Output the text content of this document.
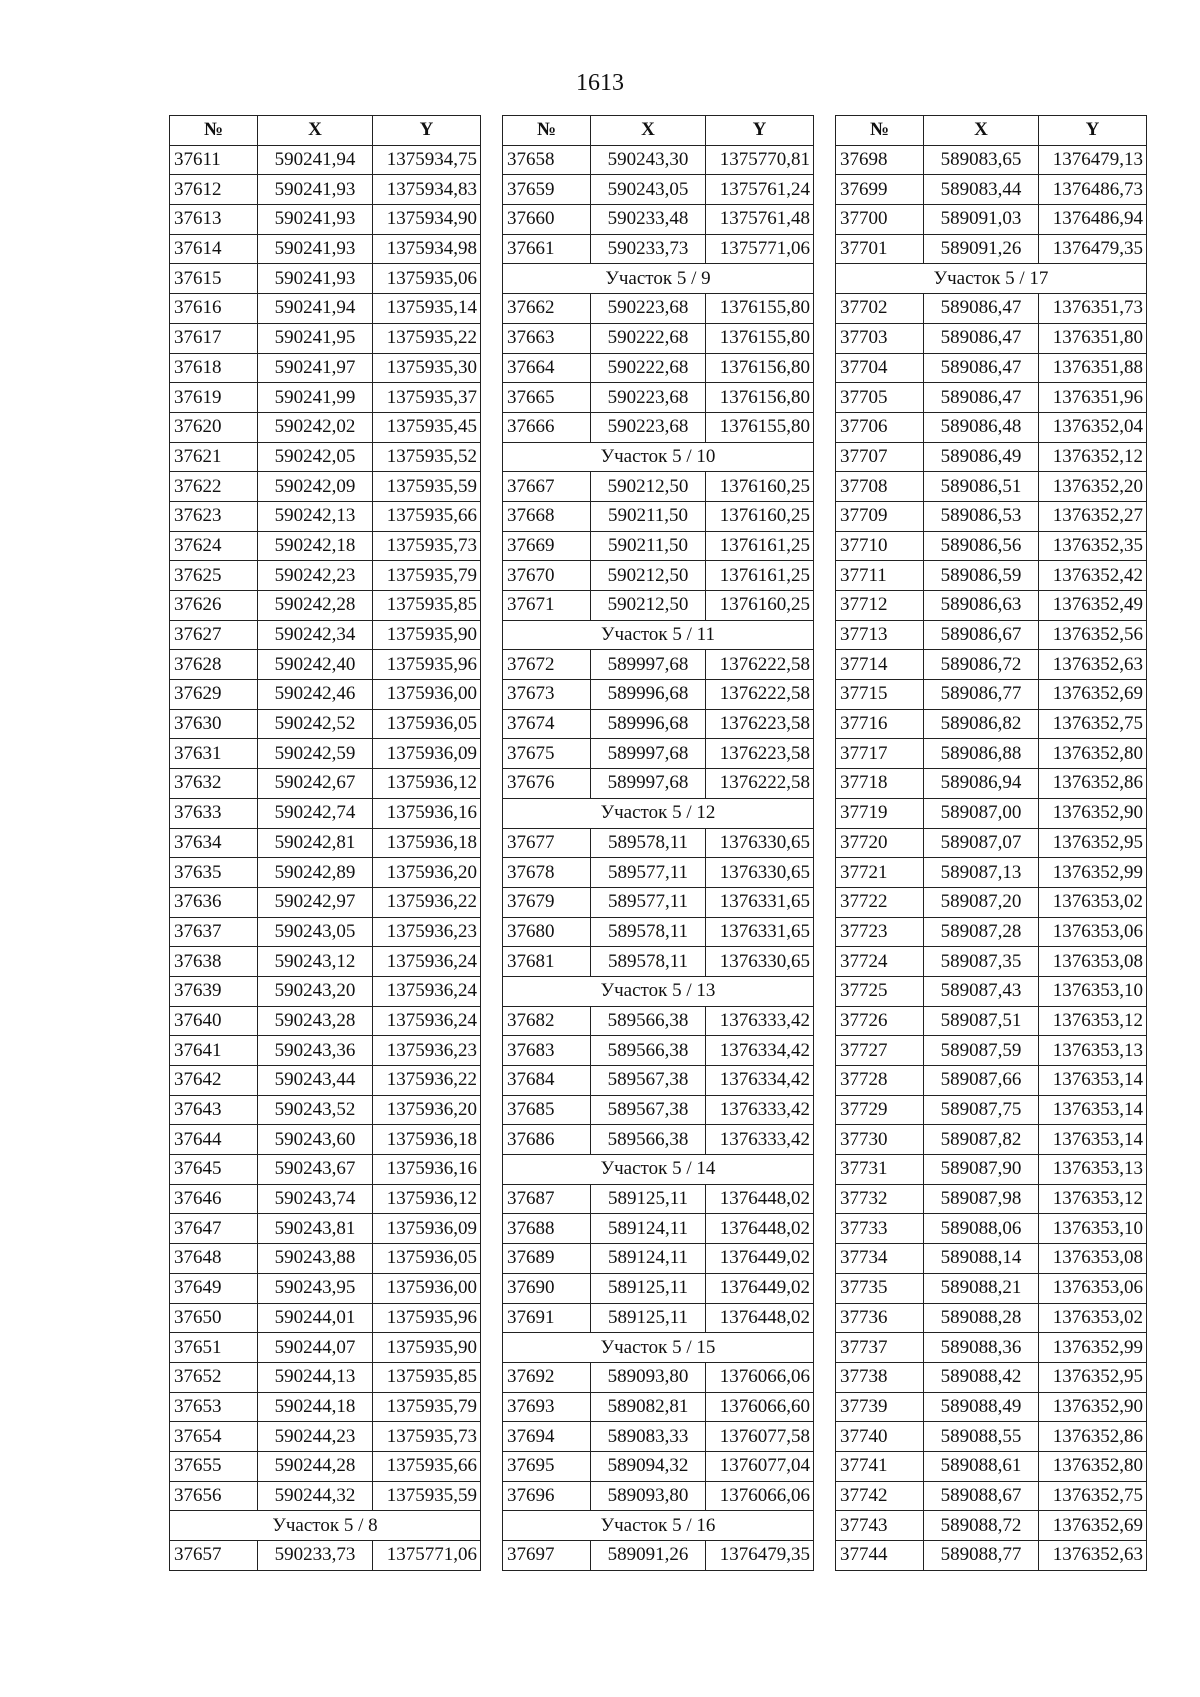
1613
№	X	Y
37611	590241,94	1375934,75
37612	590241,93	1375934,83
37613	590241,93	1375934,90
37614	590241,93	1375934,98
37615	590241,93	1375935,06
37616	590241,94	1375935,14
37617	590241,95	1375935,22
37618	590241,97	1375935,30
37619	590241,99	1375935,37
37620	590242,02	1375935,45
37621	590242,05	1375935,52
37622	590242,09	1375935,59
37623	590242,13	1375935,66
37624	590242,18	1375935,73
37625	590242,23	1375935,79
37626	590242,28	1375935,85
37627	590242,34	1375935,90
37628	590242,40	1375935,96
37629	590242,46	1375936,00
37630	590242,52	1375936,05
37631	590242,59	1375936,09
37632	590242,67	1375936,12
37633	590242,74	1375936,16
37634	590242,81	1375936,18
37635	590242,89	1375936,20
37636	590242,97	1375936,22
37637	590243,05	1375936,23
37638	590243,12	1375936,24
37639	590243,20	1375936,24
37640	590243,28	1375936,24
37641	590243,36	1375936,23
37642	590243,44	1375936,22
37643	590243,52	1375936,20
37644	590243,60	1375936,18
37645	590243,67	1375936,16
37646	590243,74	1375936,12
37647	590243,81	1375936,09
37648	590243,88	1375936,05
37649	590243,95	1375936,00
37650	590244,01	1375935,96
37651	590244,07	1375935,90
37652	590244,13	1375935,85
37653	590244,18	1375935,79
37654	590244,23	1375935,73
37655	590244,28	1375935,66
37656	590244,32	1375935,59
Участок 5 / 8		
37657	590233,73	1375771,06
№	X	Y
37658	590243,30	1375770,81
37659	590243,05	1375761,24
37660	590233,48	1375761,48
37661	590233,73	1375771,06
Участок 5 / 9		
37662	590223,68	1376155,80
37663	590222,68	1376155,80
37664	590222,68	1376156,80
37665	590223,68	1376156,80
37666	590223,68	1376155,80
Участок 5 / 10		
37667	590212,50	1376160,25
37668	590211,50	1376160,25
37669	590211,50	1376161,25
37670	590212,50	1376161,25
37671	590212,50	1376160,25
Участок 5 / 11		
37672	589997,68	1376222,58
37673	589996,68	1376222,58
37674	589996,68	1376223,58
37675	589997,68	1376223,58
37676	589997,68	1376222,58
Участок 5 / 12		
37677	589578,11	1376330,65
37678	589577,11	1376330,65
37679	589577,11	1376331,65
37680	589578,11	1376331,65
37681	589578,11	1376330,65
Участок 5 / 13		
37682	589566,38	1376333,42
37683	589566,38	1376334,42
37684	589567,38	1376334,42
37685	589567,38	1376333,42
37686	589566,38	1376333,42
Участок 5 / 14		
37687	589125,11	1376448,02
37688	589124,11	1376448,02
37689	589124,11	1376449,02
37690	589125,11	1376449,02
37691	589125,11	1376448,02
Участок 5 / 15		
37692	589093,80	1376066,06
37693	589082,81	1376066,60
37694	589083,33	1376077,58
37695	589094,32	1376077,04
37696	589093,80	1376066,06
Участок 5 / 16		
37697	589091,26	1376479,35
№	X	Y
37698	589083,65	1376479,13
37699	589083,44	1376486,73
37700	589091,03	1376486,94
37701	589091,26	1376479,35
Участок 5 / 17		
37702	589086,47	1376351,73
37703	589086,47	1376351,80
37704	589086,47	1376351,88
37705	589086,47	1376351,96
37706	589086,48	1376352,04
37707	589086,49	1376352,12
37708	589086,51	1376352,20
37709	589086,53	1376352,27
37710	589086,56	1376352,35
37711	589086,59	1376352,42
37712	589086,63	1376352,49
37713	589086,67	1376352,56
37714	589086,72	1376352,63
37715	589086,77	1376352,69
37716	589086,82	1376352,75
37717	589086,88	1376352,80
37718	589086,94	1376352,86
37719	589087,00	1376352,90
37720	589087,07	1376352,95
37721	589087,13	1376352,99
37722	589087,20	1376353,02
37723	589087,28	1376353,06
37724	589087,35	1376353,08
37725	589087,43	1376353,10
37726	589087,51	1376353,12
37727	589087,59	1376353,13
37728	589087,66	1376353,14
37729	589087,75	1376353,14
37730	589087,82	1376353,14
37731	589087,90	1376353,13
37732	589087,98	1376353,12
37733	589088,06	1376353,10
37734	589088,14	1376353,08
37735	589088,21	1376353,06
37736	589088,28	1376353,02
37737	589088,36	1376352,99
37738	589088,42	1376352,95
37739	589088,49	1376352,90
37740	589088,55	1376352,86
37741	589088,61	1376352,80
37742	589088,67	1376352,75
37743	589088,72	1376352,69
37744	589088,77	1376352,63
